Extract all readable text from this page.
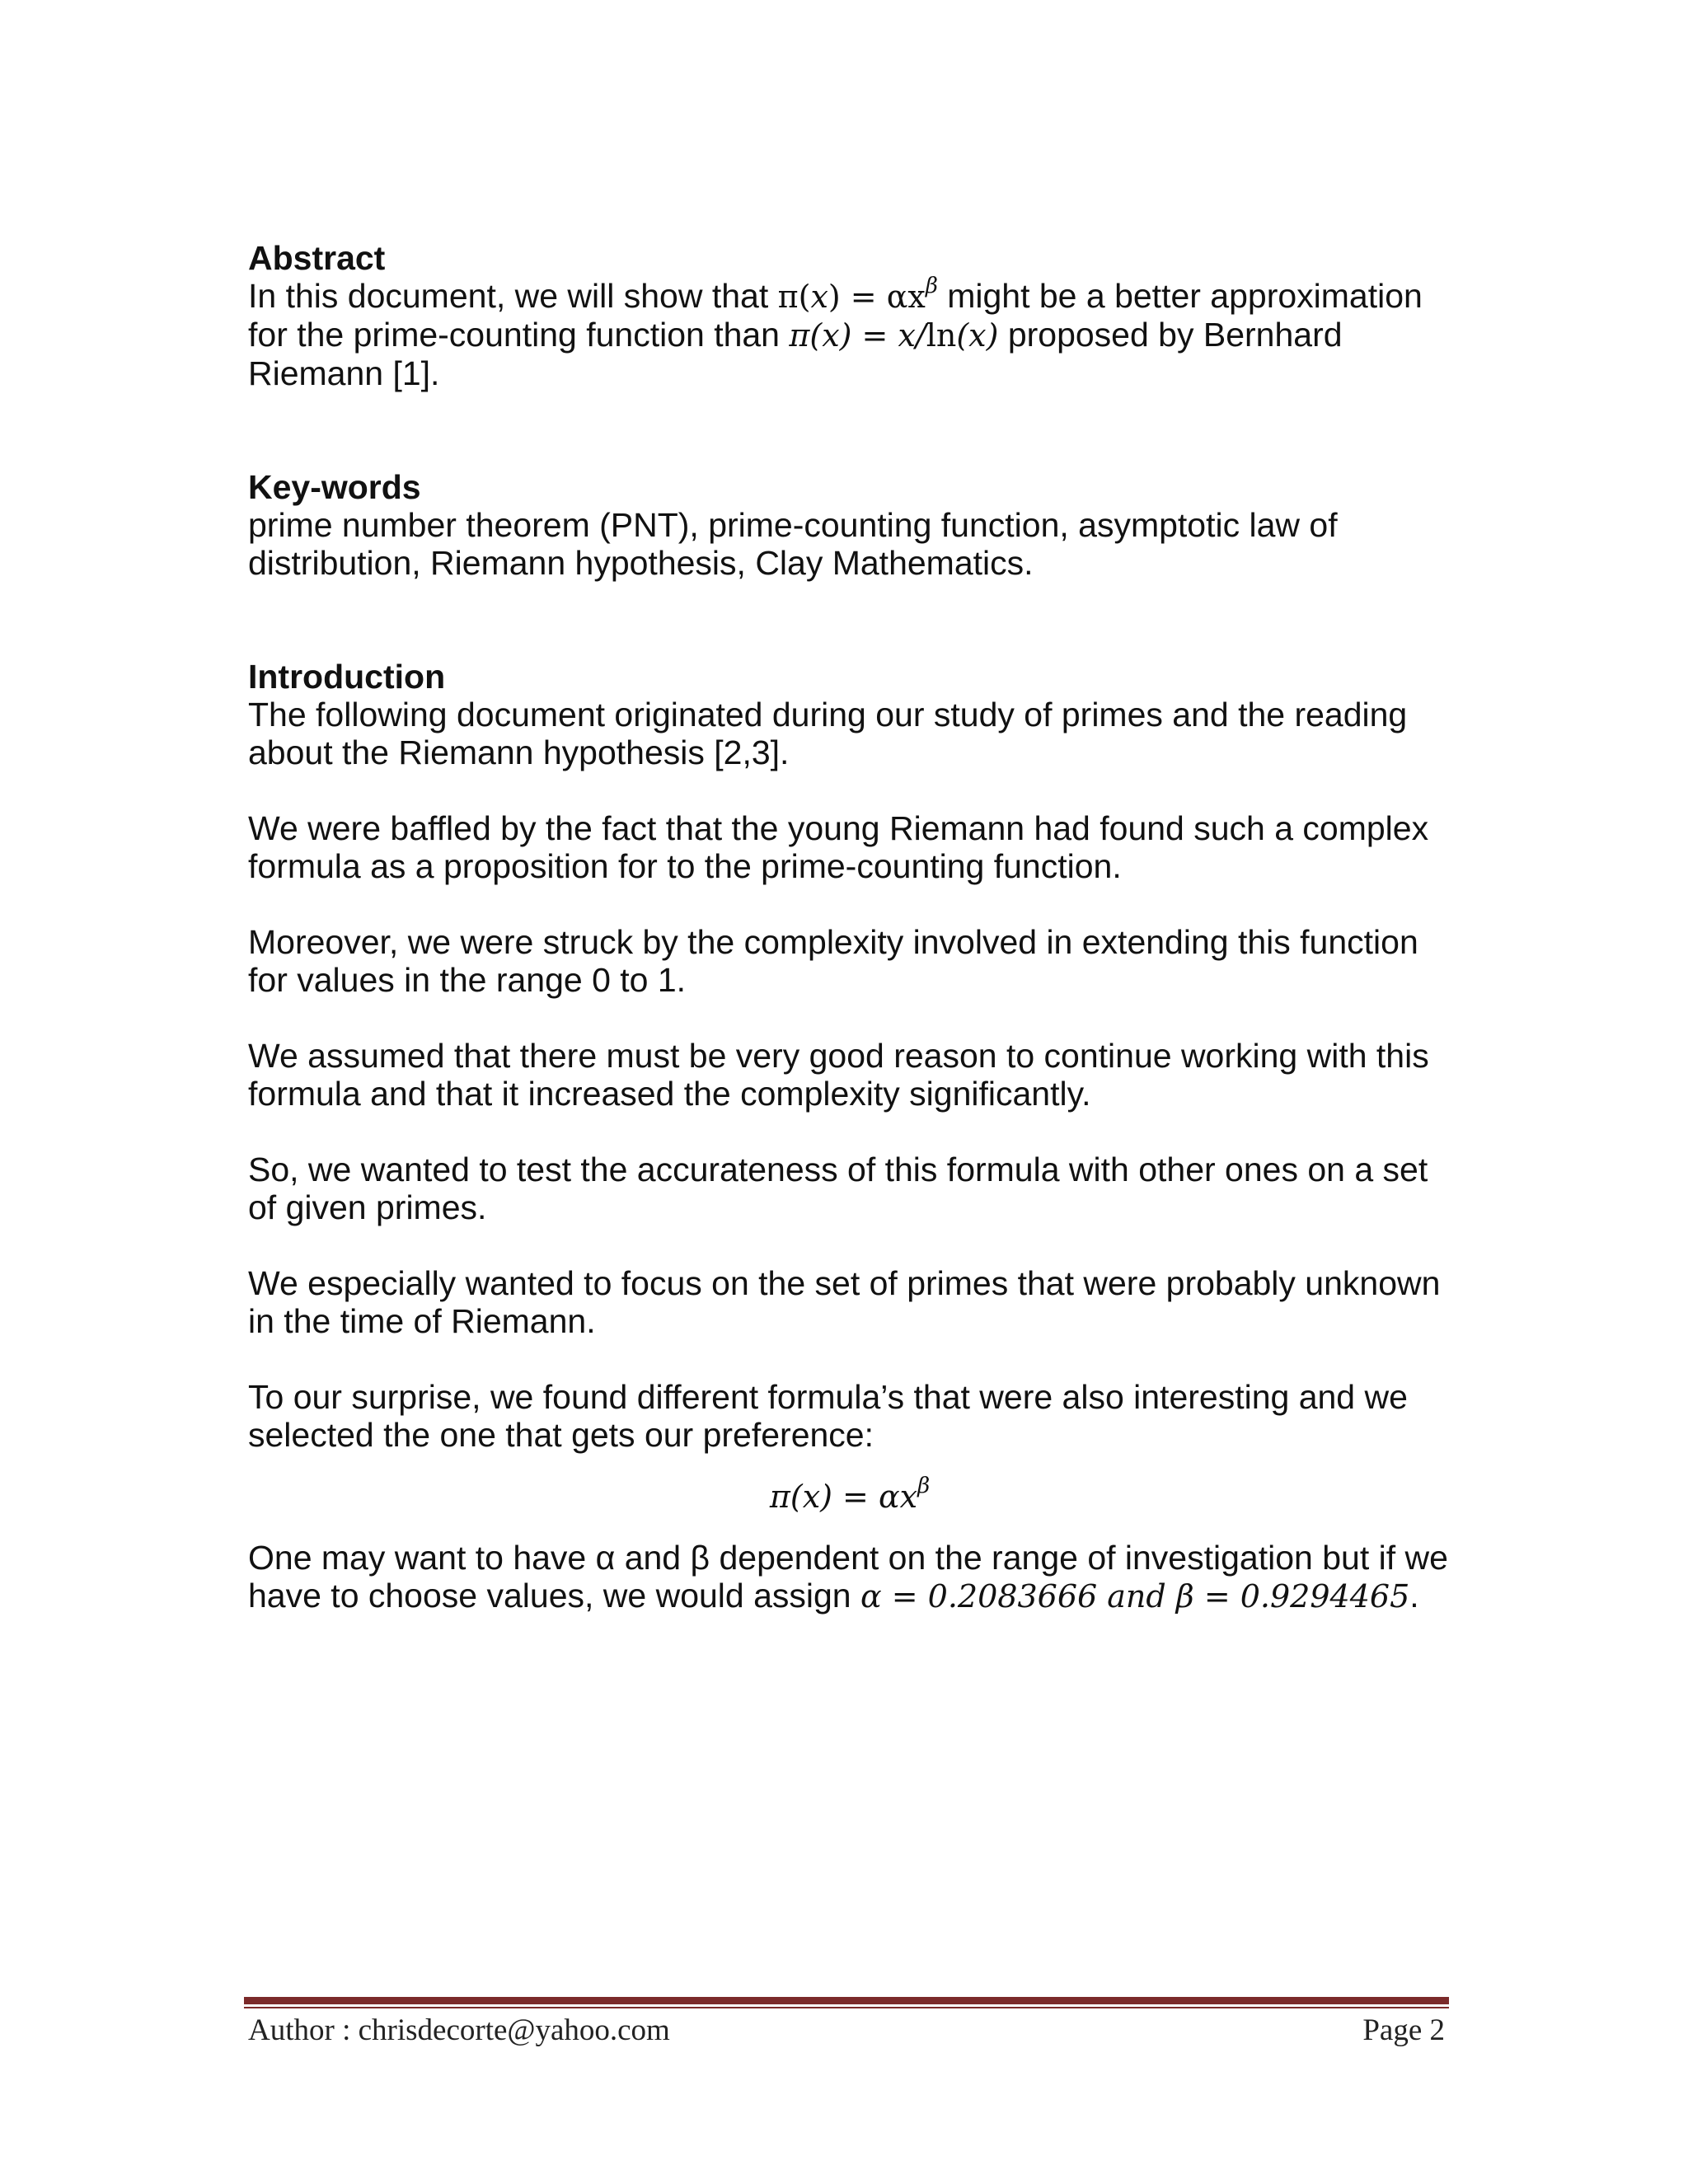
Abstract

In this document, we will show that $\pi(x) = \alpha x^\beta$ might be a better approximation for the prime-counting function than π(x) = x/ln(x) proposed by Bernhard Riemann [1].

Key-words

prime number theorem (PNT), prime-counting function, asymptotic law of distribution, Riemann hypothesis, Clay Mathematics.

Introduction

The following document originated during our study of primes and the reading about the Riemann hypothesis [2,3].

We were baffled by the fact that the young Riemann had found such a complex formula as a proposition for to the prime-counting function.

Moreover, we were struck by the complexity involved in extending this function for values in the range 0 to 1.

We assumed that there must be very good reason to continue working with this formula and that it increased the complexity significantly.

So, we wanted to test the accurateness of this formula with other ones on a set of given primes.

We especially wanted to focus on the set of primes that were probably unknown in the time of Riemann.

To our surprise, we found different formula’s that were also interesting and we selected the one that gets our preference:

$\pi(x) = \alpha x^\beta$

One may want to have α and β dependent on the range of investigation but if we have to choose values, we would assign α = 0.2083666 and β = 0.9294465.

Author : chrisdecorte@yahoo.com	Page 2
